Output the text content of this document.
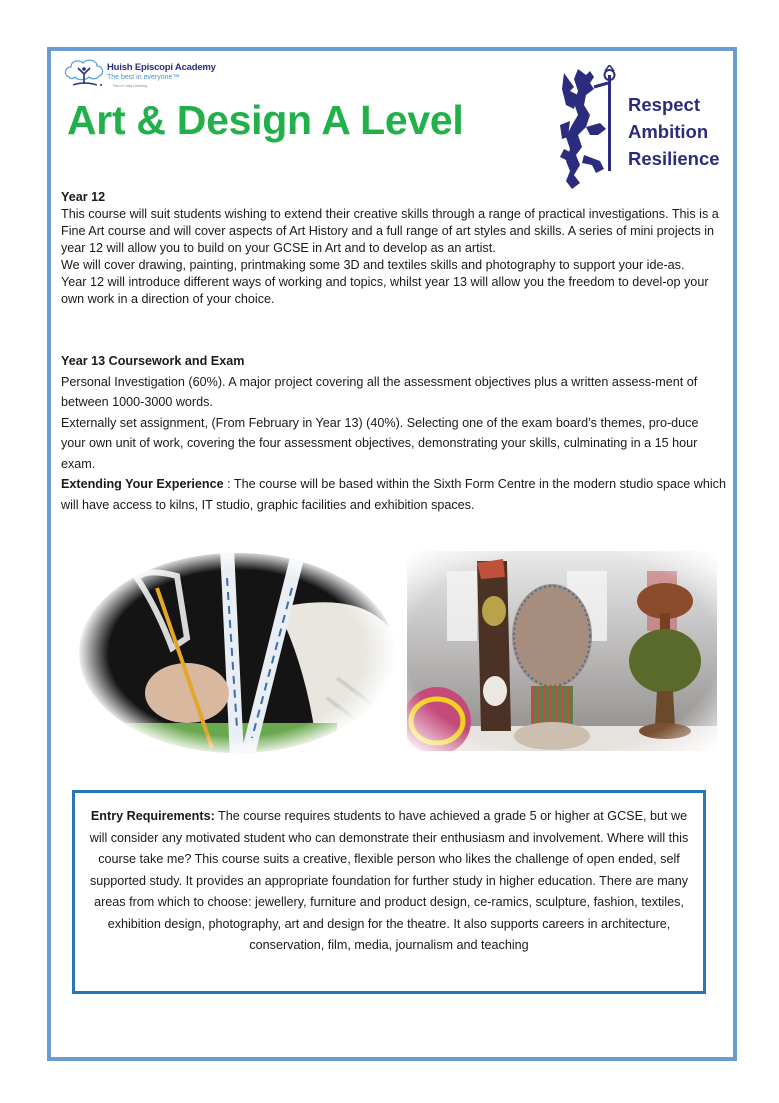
Huish Episcopi Academy
The best in everyone™
Part of Unity Learning
Art & Design A Level	Respect
Ambition
Resilience

Year 12

This course will suit students wishing to extend their creative skills through a range of practical investigations. This is a Fine Art course and will cover aspects of Art History and a full range of art styles and skills. A series of mini projects in year 12 will allow you to build on your GCSE in Art and to develop as an artist.

We will cover drawing, painting, printmaking some 3D and textiles skills and photography to support your ide-as.

Year 12 will introduce different ways of working and topics, whilst year 13 will allow you the freedom to devel-op your own work in a direction of your choice.

Year 13 Coursework and Exam

Personal Investigation (60%). A major project covering all the assessment objectives plus a written assess-ment of between 1000-3000 words.

Externally set assignment, (From February in Year 13) (40%). Selecting one of the exam board’s themes, pro-duce your own unit of work, covering the four assessment objectives, demonstrating your skills, culminating in a 15 hour exam.

Extending Your Experience : The course will be based within the Sixth Form Centre in the modern studio space which will have access to kilns, IT studio, graphic facilities and exhibition spaces.

Entry Requirements: The course requires students to have achieved a grade 5 or higher at GCSE, but we will consider any motivated student who can demonstrate their enthusiasm and involvement. Where will this course take me? This course suits a creative, flexible person who likes the challenge of open ended, self supported study. It provides an appropriate foundation for further study in higher education. There are many areas from which to choose: jewellery, furniture and product design, ce-ramics, sculpture, fashion, textiles, exhibition design, photography, art and design for the theatre. It also supports careers in architecture, conservation, film, media, journalism and teaching
